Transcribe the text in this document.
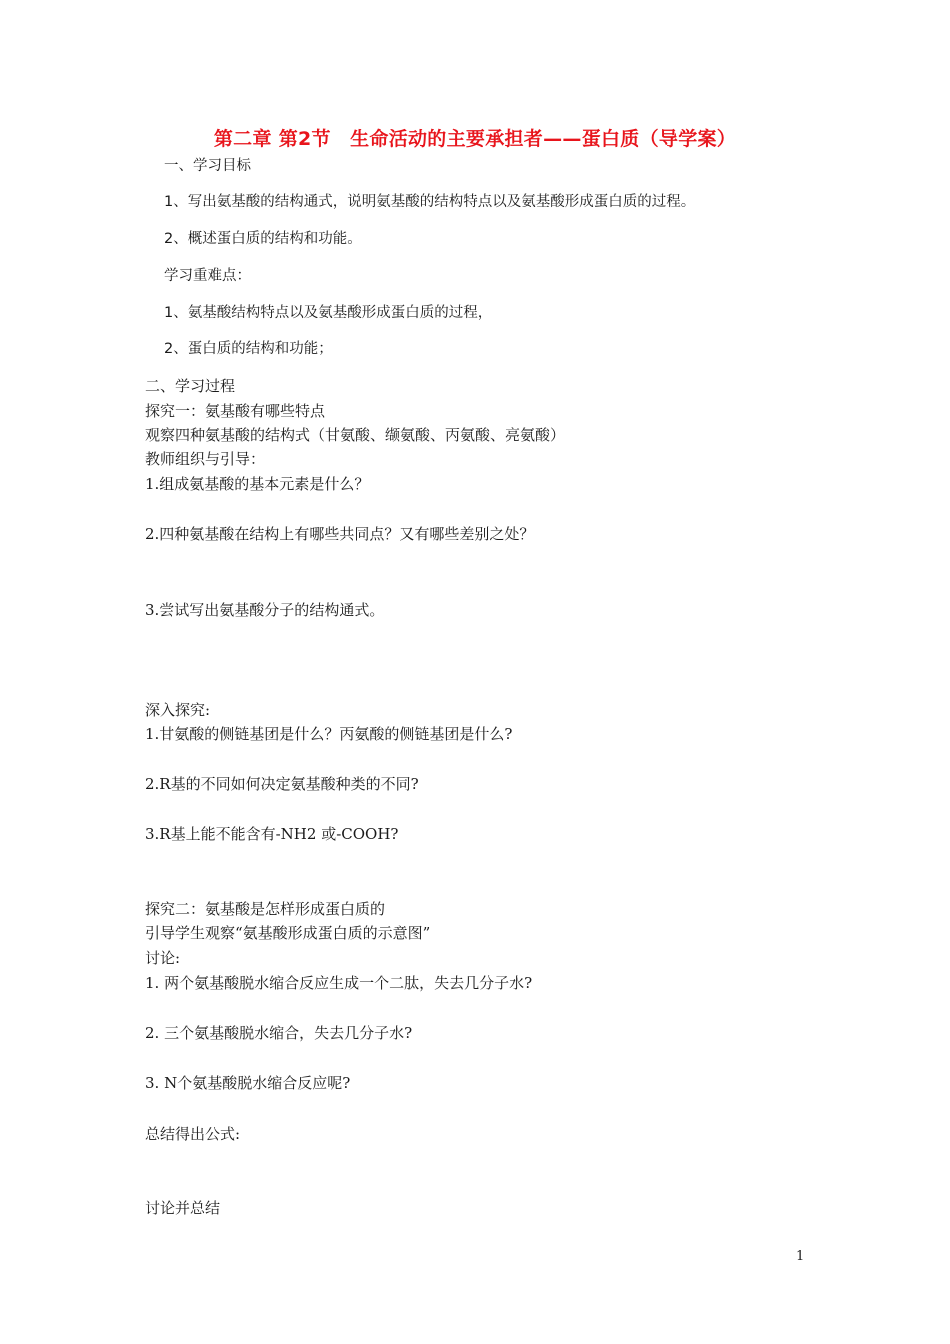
第二章 第2节　生命活动的主要承担者——蛋白质（导学案）
一、学习目标
1、写出氨基酸的结构通式，说明氨基酸的结构特点以及氨基酸形成蛋白质的过程。
2、概述蛋白质的结构和功能。
学习重难点：
1、氨基酸结构特点以及氨基酸形成蛋白质的过程，
2、蛋白质的结构和功能；
二、学习过程
探究一：氨基酸有哪些特点
观察四种氨基酸的结构式（甘氨酸、缬氨酸、丙氨酸、亮氨酸）
教师组织与引导：
1.组成氨基酸的基本元素是什么？
2.四种氨基酸在结构上有哪些共同点？又有哪些差别之处？
3.尝试写出氨基酸分子的结构通式。
深入探究:
1.甘氨酸的侧链基团是什么？丙氨酸的侧链基团是什么?
2.R基的不同如何决定氨基酸种类的不同?
3.R基上能不能含有-NH2 或-COOH?
探究二：氨基酸是怎样形成蛋白质的
引导学生观察“氨基酸形成蛋白质的示意图”
讨论:
1. 两个氨基酸脱水缩合反应生成一个二肽，失去几分子水?
2. 三个氨基酸脱水缩合，失去几分子水?
3. N个氨基酸脱水缩合反应呢?
总结得出公式:
讨论并总结
1
